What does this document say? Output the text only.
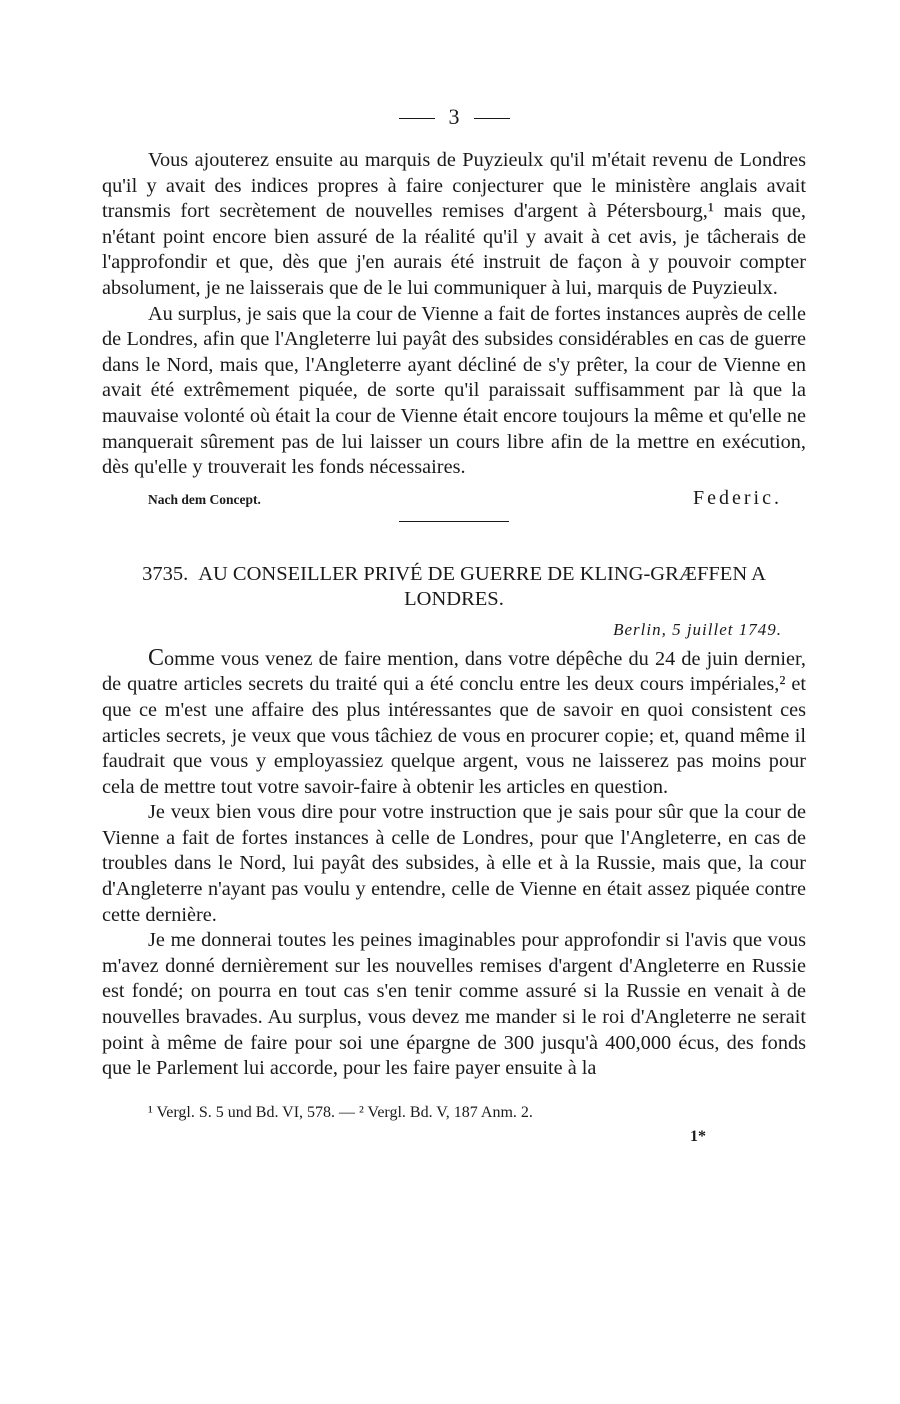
3

Vous ajouterez ensuite au marquis de Puyzieulx qu'il m'était revenu de Londres qu'il y avait des indices propres à faire conjecturer que le ministère anglais avait transmis fort secrètement de nouvelles remises d'argent à Pétersbourg,¹ mais que, n'étant point encore bien assuré de la réalité qu'il y avait à cet avis, je tâcherais de l'approfondir et que, dès que j'en aurais été instruit de façon à y pouvoir compter absolument, je ne laisserais que de le lui communiquer à lui, marquis de Puyzieulx.

Au surplus, je sais que la cour de Vienne a fait de fortes instances auprès de celle de Londres, afin que l'Angleterre lui payât des subsides considérables en cas de guerre dans le Nord, mais que, l'Angleterre ayant décliné de s'y prêter, la cour de Vienne en avait été extrêmement piquée, de sorte qu'il paraissait suffisamment par là que la mauvaise volonté où était la cour de Vienne était encore toujours la même et qu'elle ne manquerait sûrement pas de lui laisser un cours libre afin de la mettre en exécution, dès qu'elle y trouverait les fonds nécessaires.

Nach dem Concept.	Federic.
3735. AU CONSEILLER PRIVÉ DE GUERRE DE KLING-GRÆFFEN A LONDRES.
Berlin, 5 juillet 1749.

Comme vous venez de faire mention, dans votre dépêche du 24 de juin dernier, de quatre articles secrets du traité qui a été conclu entre les deux cours impériales,² et que ce m'est une affaire des plus intéressantes que de savoir en quoi consistent ces articles secrets, je veux que vous tâchiez de vous en procurer copie; et, quand même il faudrait que vous y employassiez quelque argent, vous ne laisserez pas moins pour cela de mettre tout votre savoir-faire à obtenir les articles en question.

Je veux bien vous dire pour votre instruction que je sais pour sûr que la cour de Vienne a fait de fortes instances à celle de Londres, pour que l'Angleterre, en cas de troubles dans le Nord, lui payât des subsides, à elle et à la Russie, mais que, la cour d'Angleterre n'ayant pas voulu y entendre, celle de Vienne en était assez piquée contre cette dernière.

Je me donnerai toutes les peines imaginables pour approfondir si l'avis que vous m'avez donné dernièrement sur les nouvelles remises d'argent d'Angleterre en Russie est fondé; on pourra en tout cas s'en tenir comme assuré si la Russie en venait à de nouvelles bravades. Au surplus, vous devez me mander si le roi d'Angleterre ne serait point à même de faire pour soi une épargne de 300 jusqu'à 400,000 écus, des fonds que le Parlement lui accorde, pour les faire payer ensuite à la

¹ Vergl. S. 5 und Bd. VI, 578. — ² Vergl. Bd. V, 187 Anm. 2.
1*
